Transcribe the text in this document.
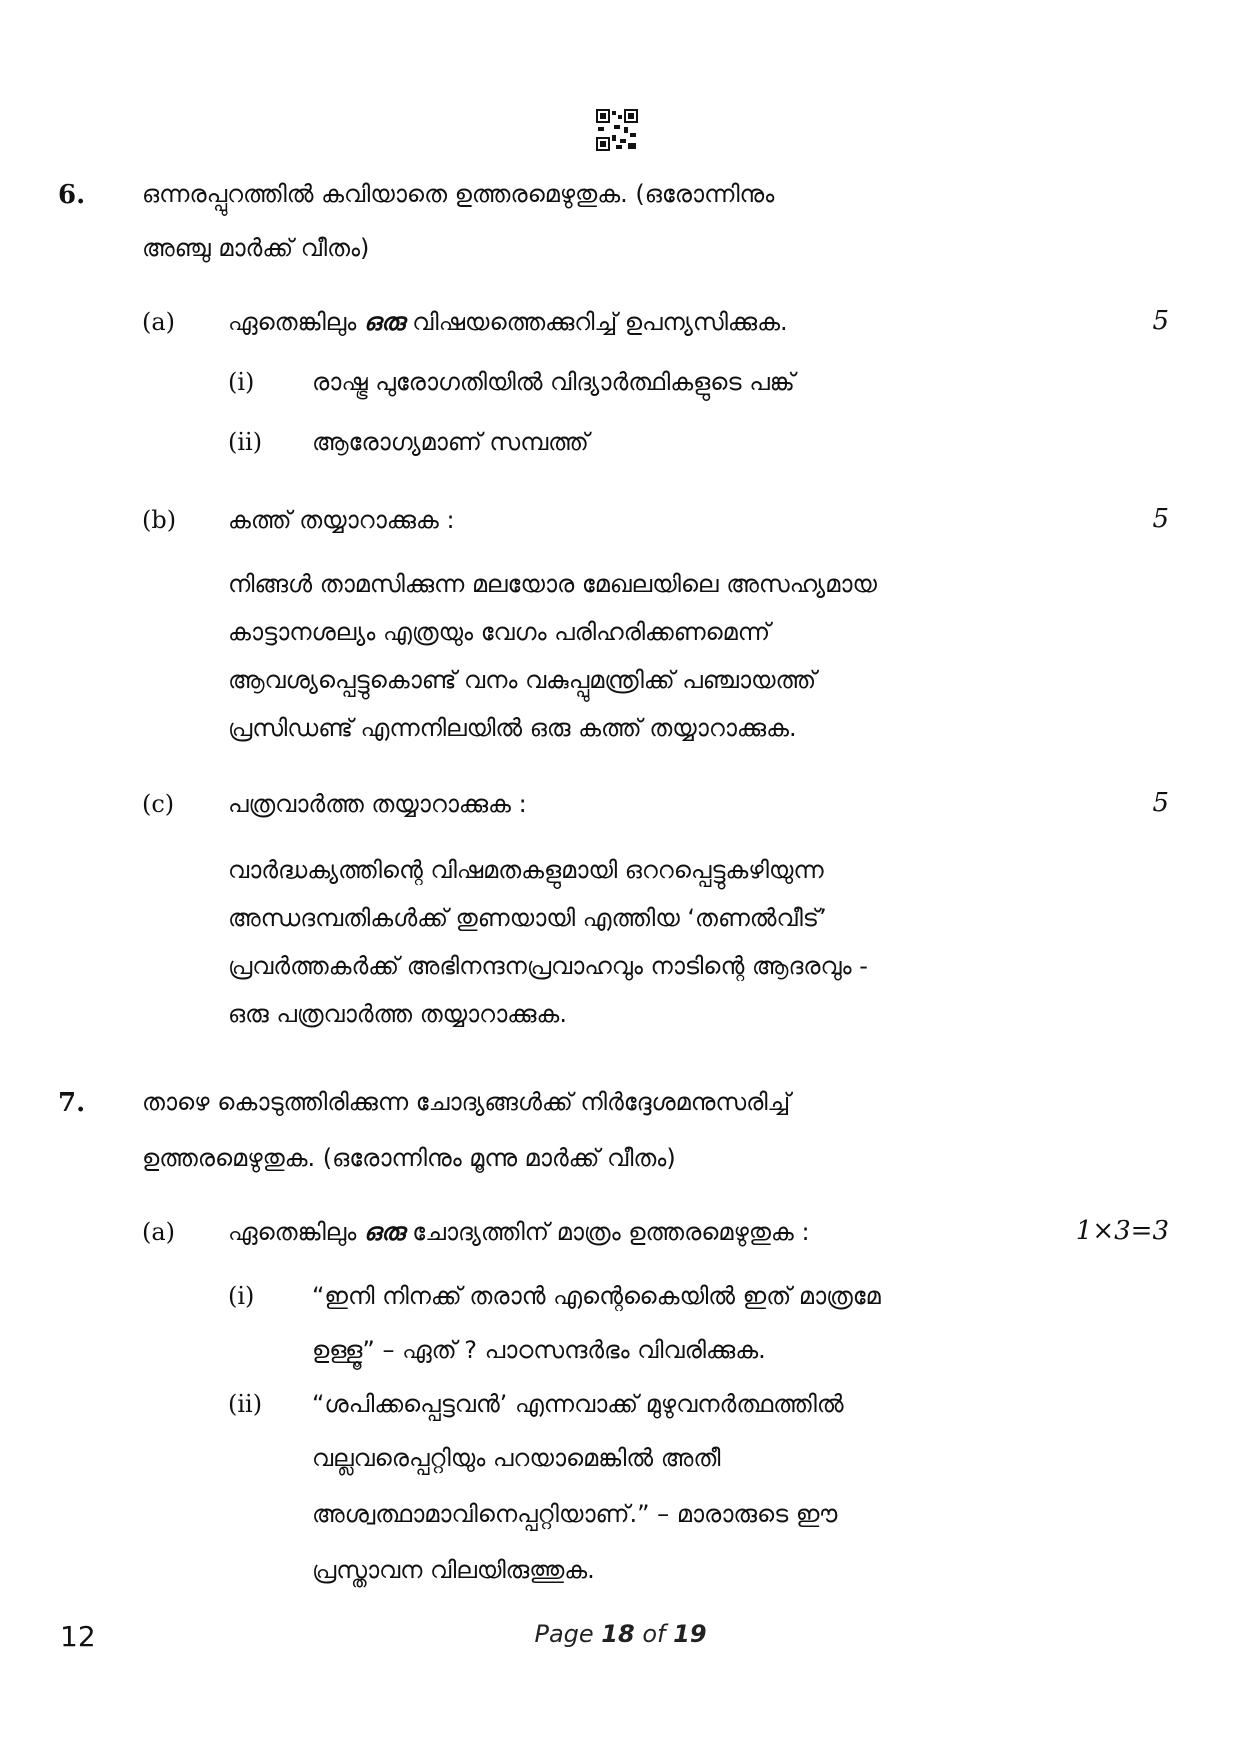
6. ഒന്നരപ്പുറത്തിൽ കവിയാതെ ഉത്തരമെഴുതുക. (ഒരോന്നിനും
അഞ്ചു മാർക്ക് വീതം)
(a) ഏതെങ്കിലും ഒരു വിഷയത്തെക്കുറിച്ച് ഉപന്യസിക്കുക.	5
(i) രാഷ്ട്ര പുരോഗതിയിൽ വിദ്യാർത്ഥികളുടെ പങ്ക്
(ii) ആരോഗ്യമാണ് സമ്പത്ത്
(b) കത്ത് തയ്യാറാക്കുക :	5
നിങ്ങൾ താമസിക്കുന്ന മലയോര മേഖലയിലെ അസഹ്യമായ
കാട്ടാനശല്യം എത്രയും വേഗം പരിഹരിക്കണമെന്ന്
ആവശ്യപ്പെട്ടുകൊണ്ട് വനം വകുപ്പുമന്ത്രിക്ക് പഞ്ചായത്ത്
പ്രസിഡണ്ട് എന്നനിലയിൽ ഒരു കത്ത് തയ്യാറാക്കുക.
(c) പത്രവാർത്ത തയ്യാറാക്കുക :	5
വാർദ്ധക്യത്തിന്റെ വിഷമതകളുമായി ഒററപ്പെട്ടുകഴിയുന്ന
അന്ധദമ്പതികൾക്ക് തുണയായി എത്തിയ ‘തണൽവീട്’
പ്രവർത്തകർക്ക് അഭിനന്ദനപ്രവാഹവും നാടിന്റെ ആദരവും -
ഒരു പത്രവാർത്ത തയ്യാറാക്കുക.
7. താഴെ കൊടുത്തിരിക്കുന്ന ചോദ്യങ്ങൾക്ക് നിർദ്ദേശമനുസരിച്ച്
ഉത്തരമെഴുതുക. (ഒരോന്നിനും മൂന്നു മാർക്ക് വീതം)
(a) ഏതെങ്കിലും ഒരു ചോദ്യത്തിന് മാത്രം ഉത്തരമെഴുതുക :	1×3=3
(i) “ഇനി നിനക്ക് തരാൻ എന്റെകൈയിൽ ഇത് മാത്രമേ
ഉള്ളൂ” – ഏത് ? പാഠസന്ദർഭം വിവരിക്കുക.
(ii) “ശപിക്കപ്പെട്ടവൻ’ എന്നവാക്ക് മുഴുവനർത്ഥത്തിൽ
വല്ലവരെപ്പറ്റിയും പറയാമെങ്കിൽ അതീ
അശ്വത്ഥാമാവിനെപ്പറ്റിയാണ്.” – മാരാരുടെ ഈ
പ്രസ്താവന വിലയിരുത്തുക.
12	Page 18 of 19
